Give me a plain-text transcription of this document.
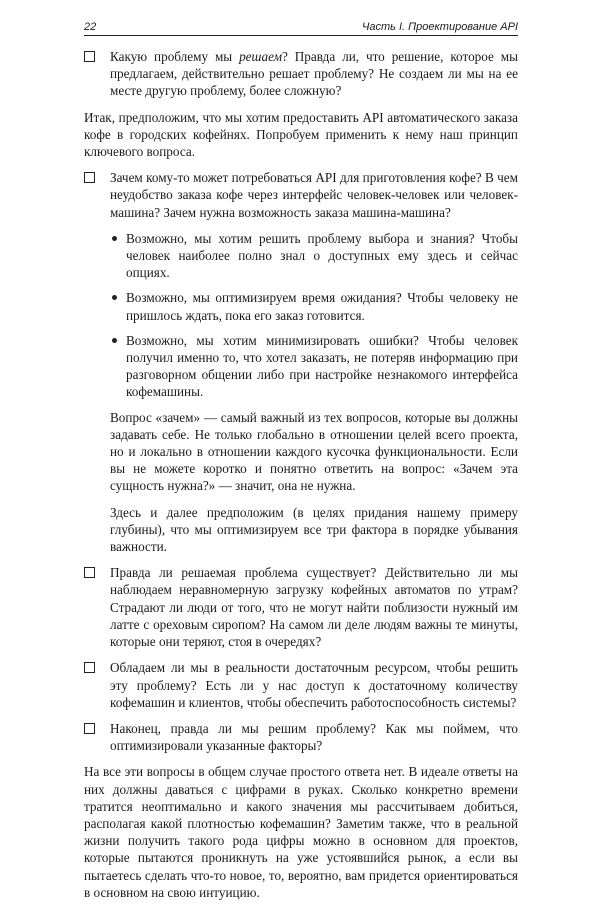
22	Часть I. Проектирование API

Какую проблему мы решаем? Правда ли, что решение, которое мы предлагаем, действительно решает проблему? Не создаем ли мы на ее месте другую проблему, более сложную?

Итак, предположим, что мы хотим предоставить API автоматического заказа кофе в городских кофейнях. Попробуем применить к нему наш принцип ключевого вопроса.

Зачем кому-то может потребоваться API для приготовления кофе? В чем неудобство заказа кофе через интерфейс человек-человек или человек-машина? Зачем нужна возможность заказа машина-машина?

Возможно, мы хотим решить проблему выбора и знания? Чтобы человек наиболее полно знал о доступных ему здесь и сейчас опциях.

Возможно, мы оптимизируем время ожидания? Чтобы человеку не пришлось ждать, пока его заказ готовится.

Возможно, мы хотим минимизировать ошибки? Чтобы человек получил именно то, что хотел заказать, не потеряв информацию при разговорном общении либо при настройке незнакомого интерфейса кофемашины.

Вопрос «зачем» — самый важный из тех вопросов, которые вы должны задавать себе. Не только глобально в отношении целей всего проекта, но и локально в отношении каждого кусочка функциональности. Если вы не можете коротко и понятно ответить на вопрос: «Зачем эта сущность нужна?» — значит, она не нужна.

Здесь и далее предположим (в целях придания нашему примеру глубины), что мы оптимизируем все три фактора в порядке убывания важности.

Правда ли решаемая проблема существует? Действительно ли мы наблюдаем неравномерную загрузку кофейных автоматов по утрам? Страдают ли люди от того, что не могут найти поблизости нужный им латте с ореховым сиропом? На самом ли деле людям важны те минуты, которые они теряют, стоя в очередях?

Обладаем ли мы в реальности достаточным ресурсом, чтобы решить эту проблему? Есть ли у нас доступ к достаточному количеству кофемашин и клиентов, чтобы обеспечить работоспособность системы?

Наконец, правда ли мы решим проблему? Как мы поймем, что оптимизировали указанные факторы?

На все эти вопросы в общем случае простого ответа нет. В идеале ответы на них должны даваться с цифрами в руках. Сколько конкретно времени тратится неоптимально и какого значения мы рассчитываем добиться, располагая какой плотностью кофемашин? Заметим также, что в реальной жизни получить такого рода цифры можно в основном для проектов, которые пытаются проникнуть на уже устоявшийся рынок, а если вы пытаетесь сделать что-то новое, то, вероятно, вам придется ориентироваться в основном на свою интуицию.
